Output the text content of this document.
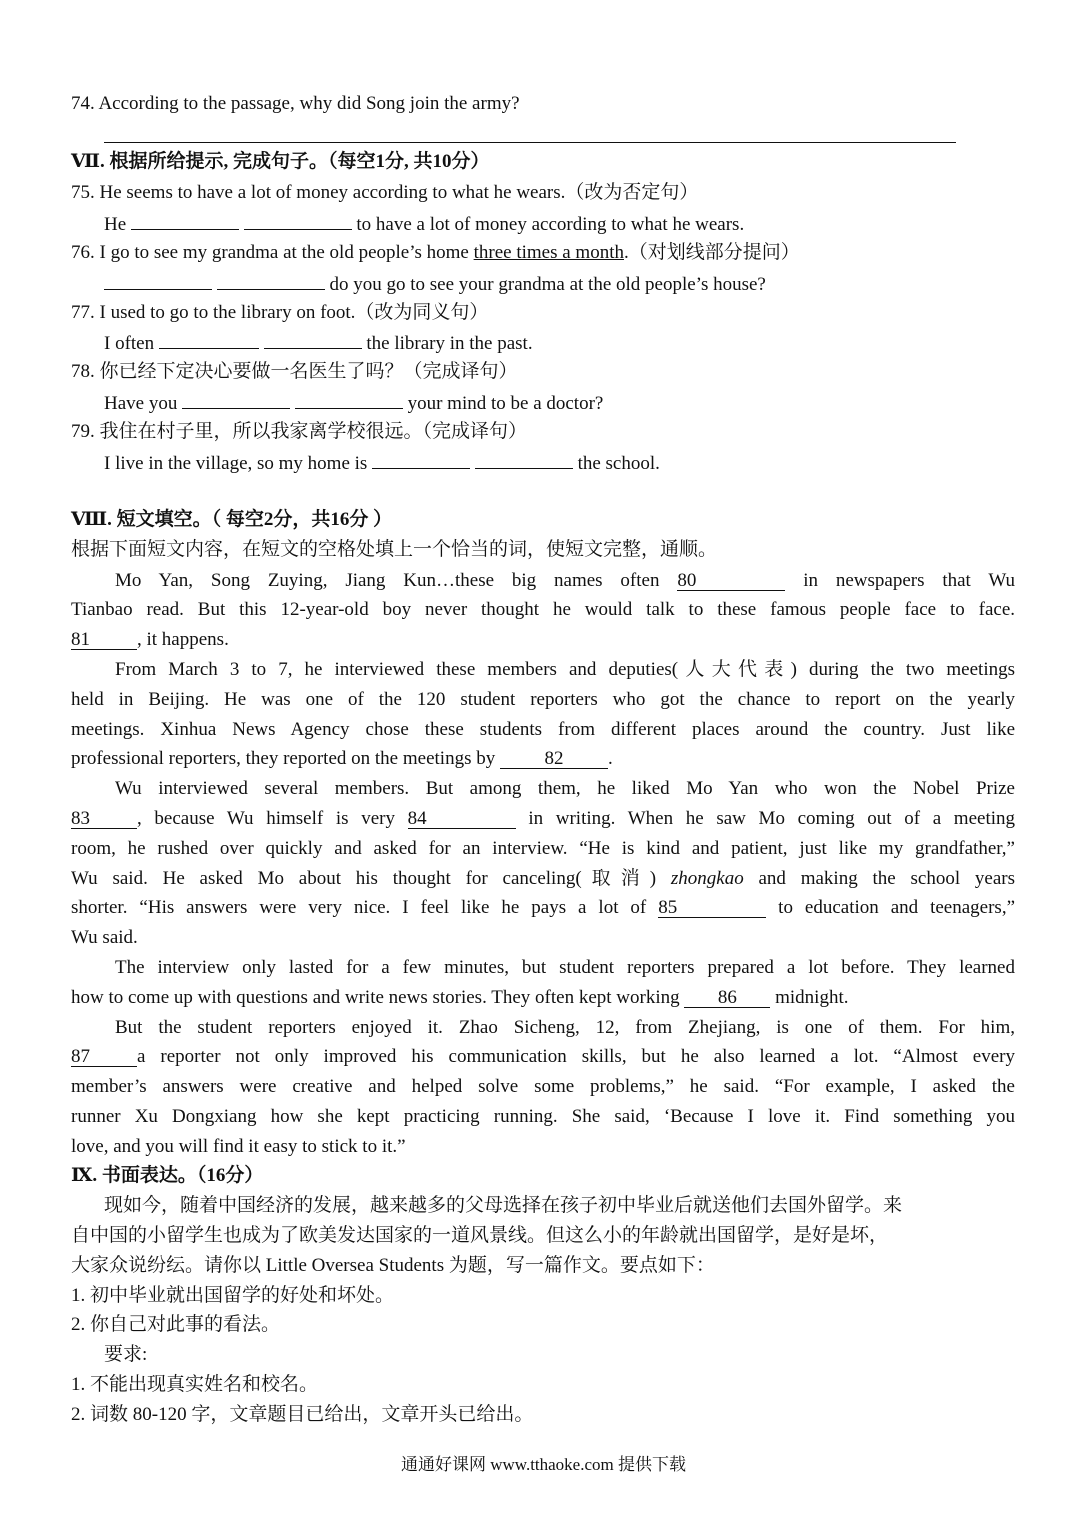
74. According to the passage, why did Song join the army?
Ⅶ. 根据所给提示, 完成句子。（每空1分, 共10分）
75. He seems to have a lot of money according to what he wears.（改为否定句）
He	to have a lot of money according to what he wears.
76. I go to see my grandma at the old people’s home three times a month.（对划线部分提问）
do you go to see your grandma at the old people’s house?
77. I used to go to the library on foot.（改为同义句）
I often	the library in the past.
78. 你已经下定决心要做一名医生了吗？（完成译句）
Have you	your mind to be a doctor?
79. 我住在村子里，所以我家离学校很远。（完成译句）
I live in the village, so my home is	the school.
Ⅷ. 短文填空。（ 每空2分，共16分 ）
根据下面短文内容，在短文的空格处填上一个恰当的词，使短文完整，通顺。
Mo Yan, Song Zuying, Jiang Kun…these big names often 80	in newspapers that Wu
Tianbao read. But this 12-year-old boy never thought he would talk to these famous people face to face.
81 , it happens.
From March 3 to 7, he interviewed these members and deputies(人大代表) during the two meetings
held in Beijing. He was one of the 120 student reporters who got the chance to report on the yearly
meetings. Xinhua News Agency chose these students from different places around the country. Just like
professional reporters, they reported on the meetings by	82 .
Wu interviewed several members. But among them, he liked Mo Yan who won the Nobel Prize
83 , because Wu himself is very 84	in writing. When he saw Mo coming out of a meeting
room, he rushed over quickly and asked for an interview. “He is kind and patient, just like my grandfather,”
Wu said. He asked Mo about his thought for canceling(取消) zhongkao and making the school years
shorter. “His answers were very nice. I feel like he pays a lot of 85	to education and teenagers,”
Wu said.
The interview only lasted for a few minutes, but student reporters prepared a lot before. They learned
how to come up with questions and write news stories. They often kept working 86 midnight.
But the student reporters enjoyed it. Zhao Sicheng, 12, from Zhejiang, is one of them. For him,
87 a reporter not only improved his communication skills, but he also learned a lot. “Almost every
member’s answers were creative and helped solve some problems,” he said. “For example, I asked the
runner Xu Dongxiang how she kept practicing running. She said, ‘Because I love it. Find something you
love, and you will find it easy to stick to it.”
Ⅸ. 书面表达。（16分）
现如今，随着中国经济的发展，越来越多的父母选择在孩子初中毕业后就送他们去国外留学。来
自中国的小留学生也成为了欧美发达国家的一道风景线。但这么小的年龄就出国留学，是好是坏，
大家众说纷纭。请你以 Little Oversea Students 为题，写一篇作文。要点如下：
1. 初中毕业就出国留学的好处和坏处。
2. 你自己对此事的看法。
要求:
1. 不能出现真实姓名和校名。
2. 词数 80-120 字，文章题目已给出，文章开头已给出。
通通好课网 www.tthaoke.com 提供下载
